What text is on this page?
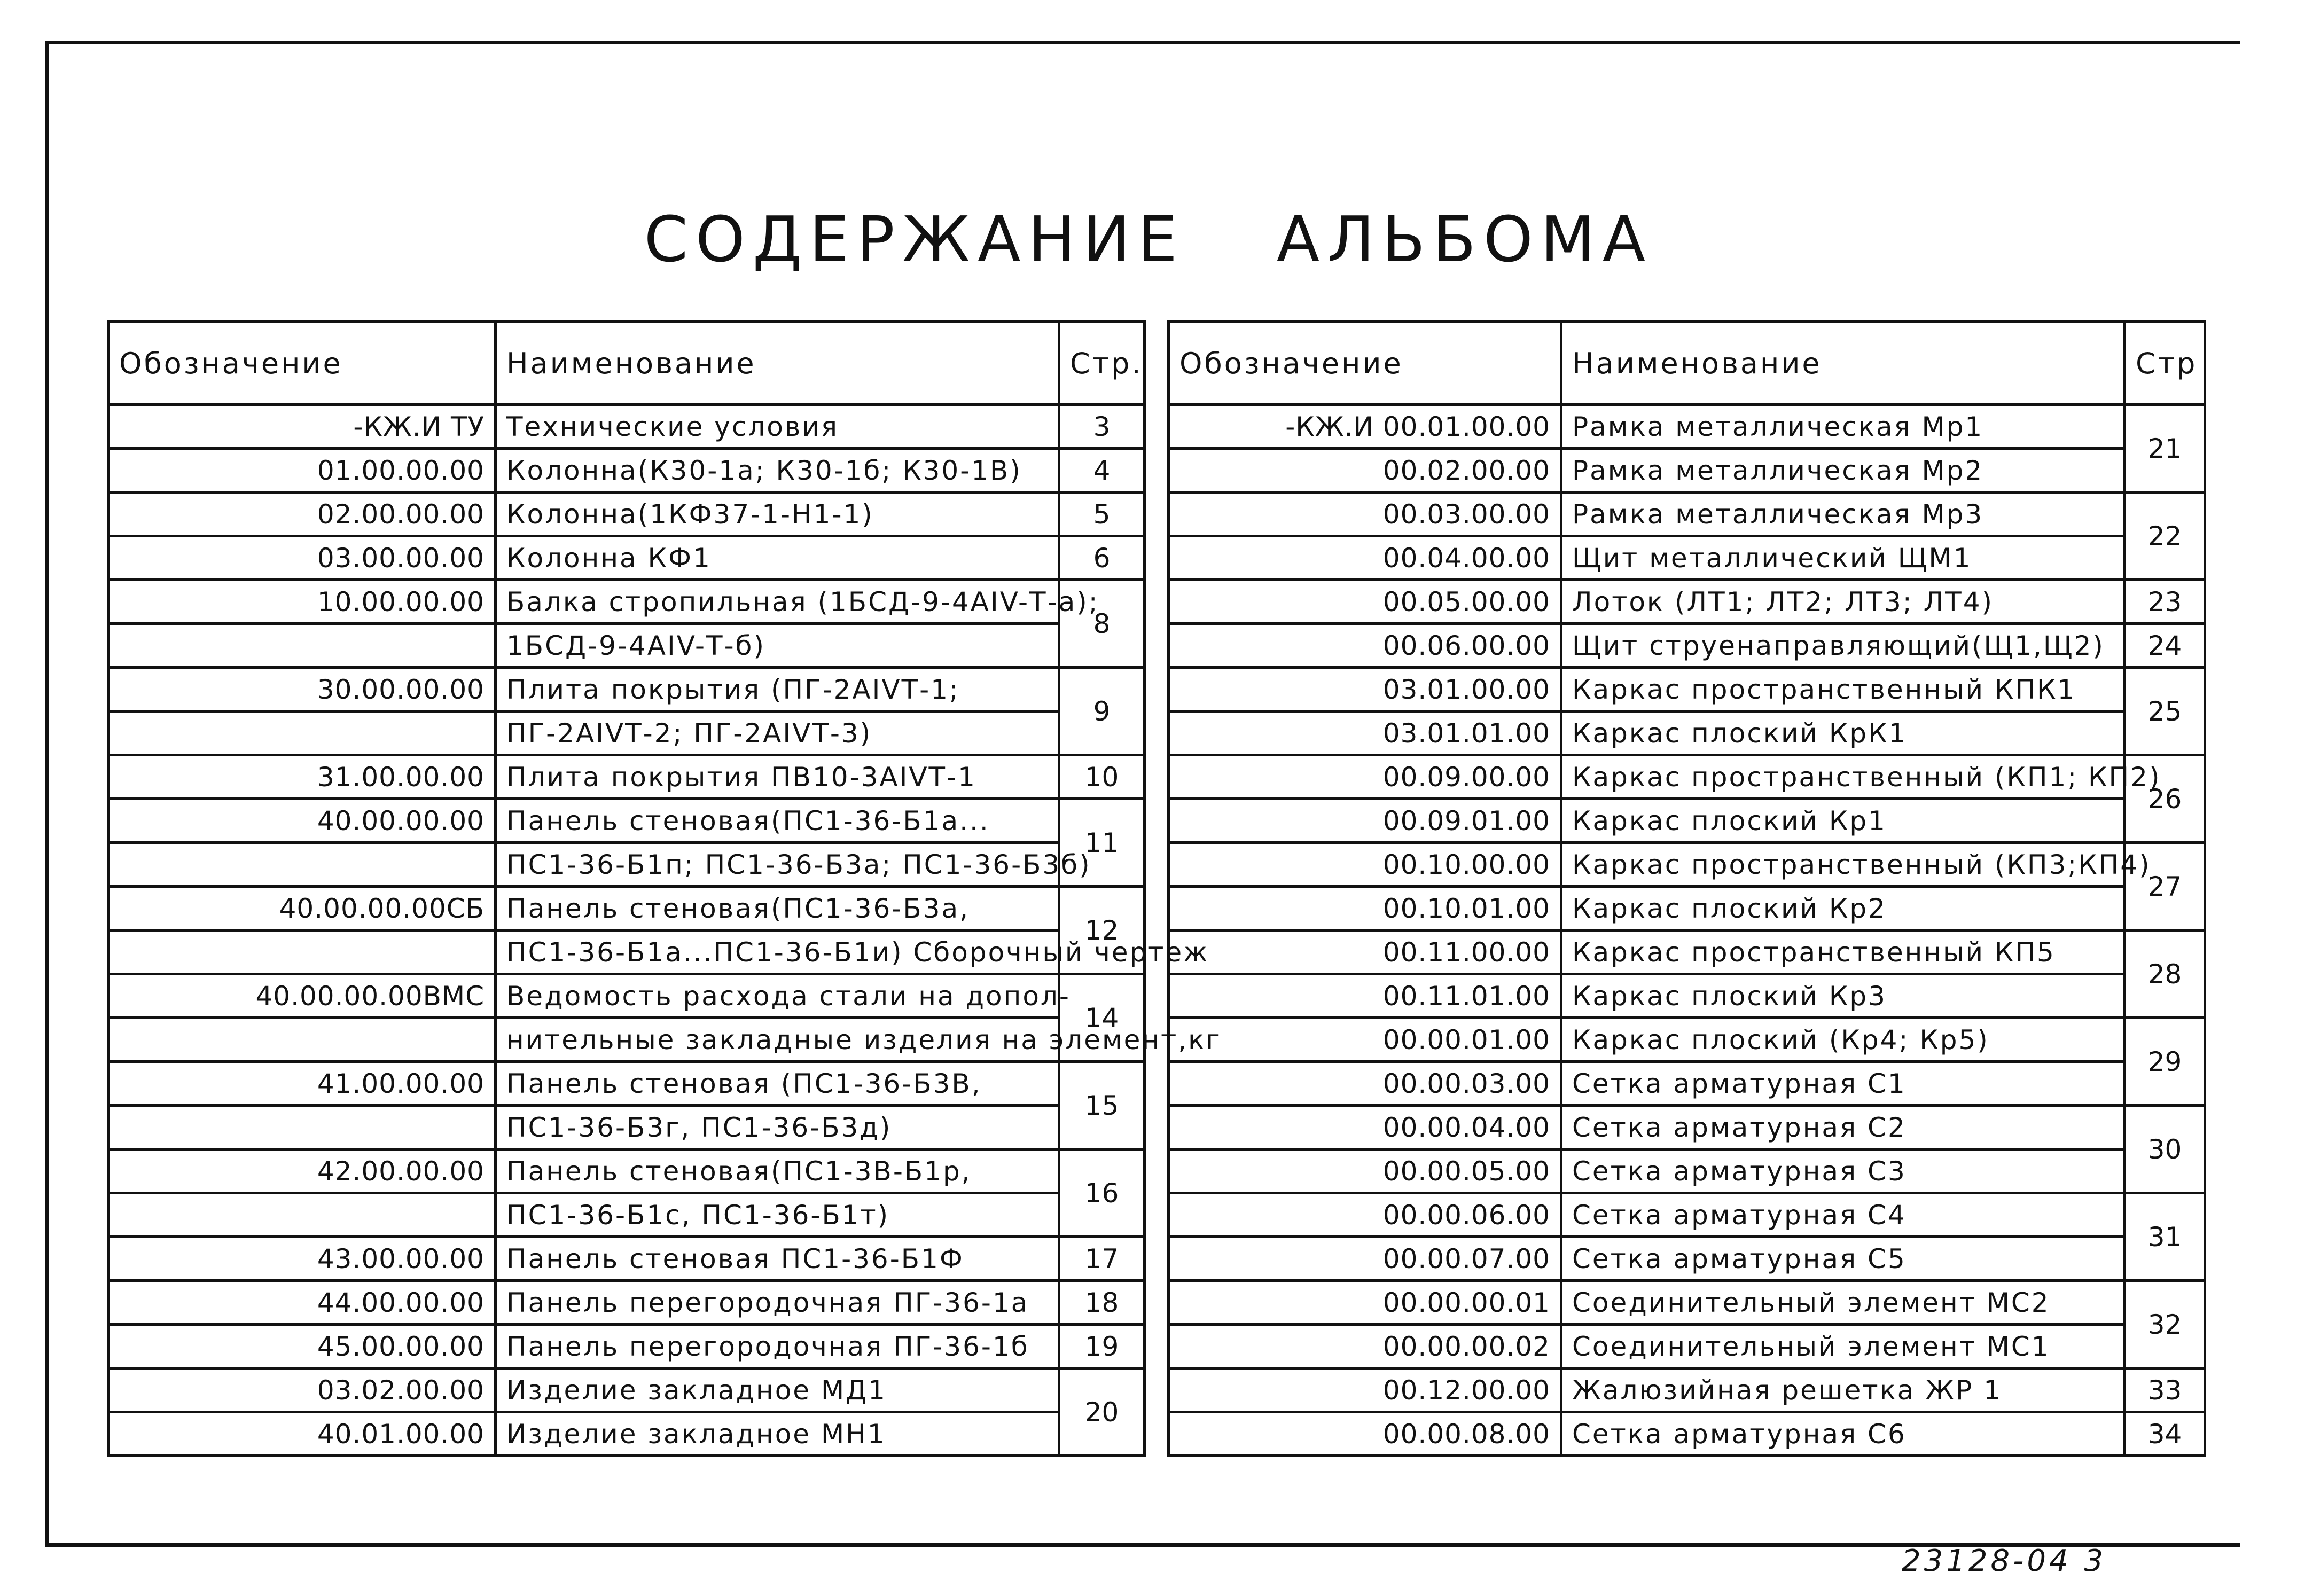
СОДЕРЖАНИЕ АЛЬБОМА
Обозначение	Наименование	Стр.
-КЖ.И ТУ	Технические условия	3
01.00.00.00	Колонна(К30-1а; К30-1б; К30-1В)	4
02.00.00.00	Колонна(1КФ37-1-Н1-1)	5
03.00.00.00	Колонна КФ1	6
10.00.00.00	Балка стропильная (1БСД-9-4АIV-Т-а);	8
	1БСД-9-4АIV-Т-б)	
30.00.00.00	Плита покрытия (ПГ-2АIVТ-1;	9
	ПГ-2АIVТ-2; ПГ-2АIVТ-3)	
31.00.00.00	Плита покрытия ПВ10-3АIVТ-1	10
40.00.00.00	Панель стеновая(ПС1-36-Б1а...	11
	ПС1-36-Б1п; ПС1-36-Б3а; ПС1-36-Б3б)	
40.00.00.00СБ	Панель стеновая(ПС1-36-Б3а,	12
	ПС1-36-Б1а...ПС1-36-Б1и) Сборочный чертеж	
40.00.00.00ВМС	Ведомость расхода стали на допол-	14
	нительные закладные изделия на элемент,кг	
41.00.00.00	Панель стеновая (ПС1-36-Б3В,	15
	ПС1-36-Б3г, ПС1-36-Б3д)	
42.00.00.00	Панель стеновая(ПС1-3В-Б1р,	16
	ПС1-36-Б1с, ПС1-36-Б1т)	
43.00.00.00	Панель стеновая ПС1-36-Б1Ф	17
44.00.00.00	Панель перегородочная ПГ-36-1а	18
45.00.00.00	Панель перегородочная ПГ-36-1б	19
03.02.00.00	Изделие закладное МД1	20
40.01.00.00	Изделие закладное МН1	
Обозначение	Наименование	Стр
-КЖ.И 00.01.00.00	Рамка металлическая Мр1	21
00.02.00.00	Рамка металлическая Мр2	
00.03.00.00	Рамка металлическая Мр3	22
00.04.00.00	Щит металлический ЩМ1	
00.05.00.00	Лоток (ЛТ1; ЛТ2; ЛТ3; ЛТ4)	23
00.06.00.00	Щит струенаправляющий(Щ1,Щ2)	24
03.01.00.00	Каркас пространственный КПК1	25
03.01.01.00	Каркас плоский КрК1	
00.09.00.00	Каркас пространственный (КП1; КП2)	26
00.09.01.00	Каркас плоский Кр1	
00.10.00.00	Каркас пространственный (КП3;КП4)	27
00.10.01.00	Каркас плоский Кр2	
00.11.00.00	Каркас пространственный КП5	28
00.11.01.00	Каркас плоский Кр3	
00.00.01.00	Каркас плоский (Кр4; Кр5)	29
00.00.03.00	Сетка арматурная С1	
00.00.04.00	Сетка арматурная С2	30
00.00.05.00	Сетка арматурная С3	
00.00.06.00	Сетка арматурная С4	31
00.00.07.00	Сетка арматурная С5	
00.00.00.01	Соединительный элемент МС2	32
00.00.00.02	Соединительный элемент МС1	
00.12.00.00	Жалюзийная решетка ЖР 1	33
00.00.08.00	Сетка арматурная С6	34
23128-04 3
